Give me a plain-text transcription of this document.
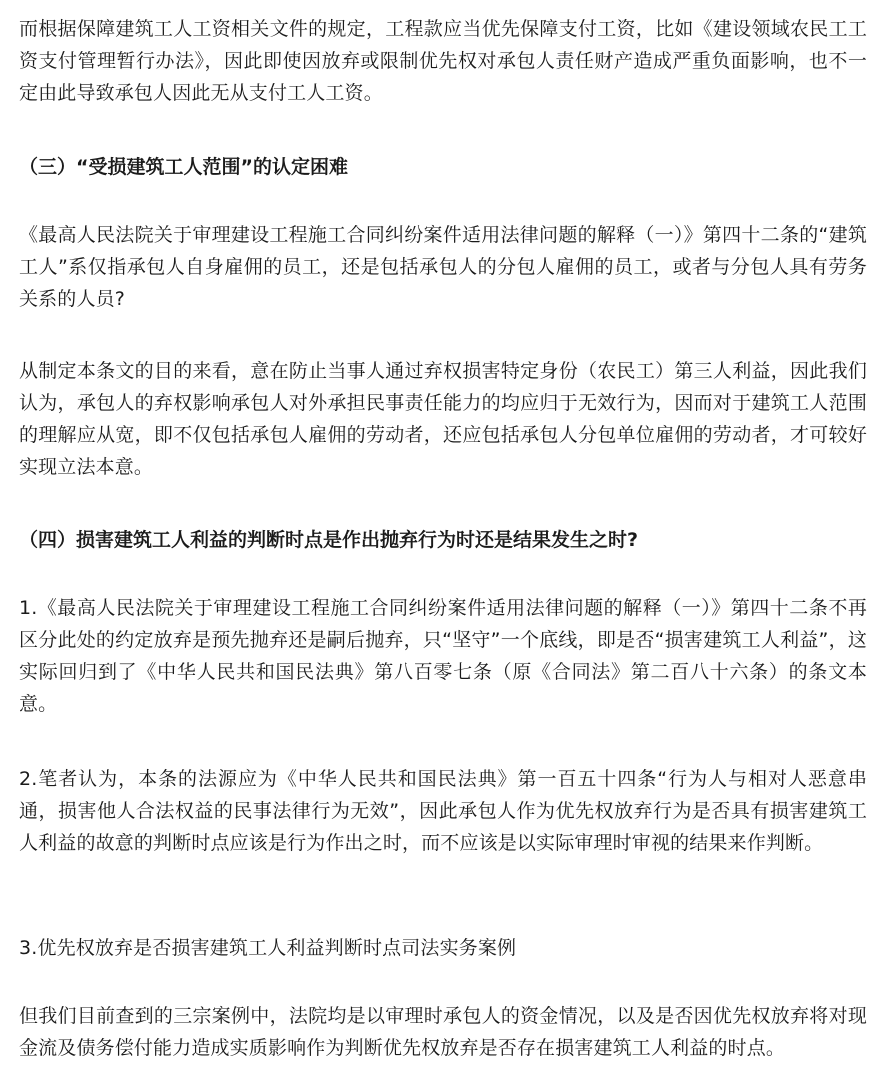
而根据保障建筑工人工资相关文件的规定，工程款应当优先保障支付工资，比如《建设领域农民工工资支付管理暂行办法》，因此即使因放弃或限制优先权对承包人责任财产造成严重负面影响，也不一定由此导致承包人因此无从支付工人工资。

（三）“受损建筑工人范围”的认定困难

《最高人民法院关于审理建设工程施工合同纠纷案件适用法律问题的解释（一）》第四十二条的“建筑工人”系仅指承包人自身雇佣的员工，还是包括承包人的分包人雇佣的员工，或者与分包人具有劳务关系的人员?

从制定本条文的目的来看，意在防止当事人通过弃权损害特定身份（农民工）第三人利益，因此我们认为，承包人的弃权影响承包人对外承担民事责任能力的均应归于无效行为，因而对于建筑工人范围的理解应从宽，即不仅包括承包人雇佣的劳动者，还应包括承包人分包单位雇佣的劳动者，才可较好实现立法本意。

（四）损害建筑工人利益的判断时点是作出抛弃行为时还是结果发生之时?

1.《最高人民法院关于审理建设工程施工合同纠纷案件适用法律问题的解释（一）》第四十二条不再区分此处的约定放弃是预先抛弃还是嗣后抛弃，只“坚守”一个底线，即是否“损害建筑工人利益”，这实际回归到了《中华人民共和国民法典》第八百零七条（原《合同法》第二百八十六条）的条文本意。

2.笔者认为，本条的法源应为《中华人民共和国民法典》第一百五十四条“行为人与相对人恶意串通，损害他人合法权益的民事法律行为无效”，因此承包人作为优先权放弃行为是否具有损害建筑工人利益的故意的判断时点应该是行为作出之时，而不应该是以实际审理时审视的结果来作判断。

3.优先权放弃是否损害建筑工人利益判断时点司法实务案例

但我们目前查到的三宗案例中，法院均是以审理时承包人的资金情况，以及是否因优先权放弃将对现金流及债务偿付能力造成实质影响作为判断优先权放弃是否存在损害建筑工人利益的时点。
